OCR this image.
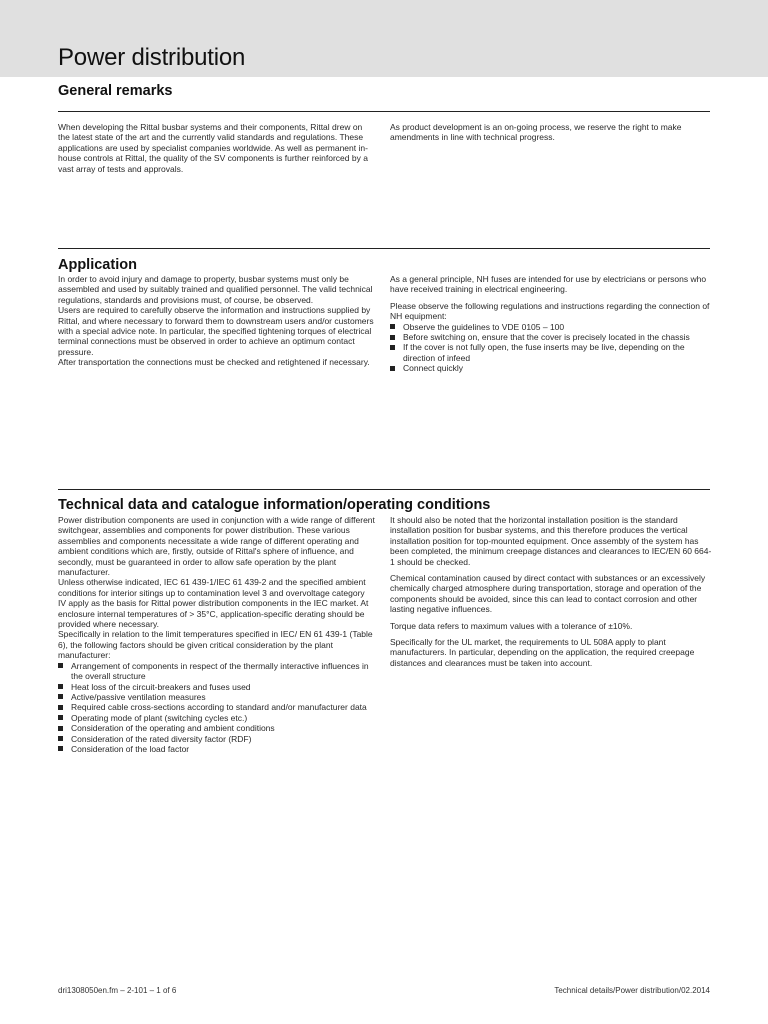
Power distribution
General remarks

When developing the Rittal busbar systems and their components, Rittal drew on the latest state of the art and the currently valid standards and regulations. These applications are used by specialist companies worldwide. As well as permanent in-house controls at Rittal, the quality of the SV components is further reinforced by a vast array of tests and approvals.

As product development is an on-going process, we reserve the right to make amendments in line with technical progress.

Application

In order to avoid injury and damage to property, busbar systems must only be assembled and used by suitably trained and qualified personnel. The valid technical regulations, standards and provisions must, of course, be observed.

Users are required to carefully observe the information and instructions supplied by Rittal, and where necessary to forward them to downstream users and/or customers with a special advice note. In particular, the specified tightening torques of electrical terminal connections must be observed in order to achieve an optimum contact pressure.

After transportation the connections must be checked and retightened if necessary.

As a general principle, NH fuses are intended for use by electricians or persons who have received training in electrical engineering.

Please observe the following regulations and instructions regarding the connection of NH equipment:

Observe the guidelines to VDE 0105 – 100
Before switching on, ensure that the cover is precisely located in the chassis
If the cover is not fully open, the fuse inserts may be live, depending on the direction of infeed
Connect quickly
Technical data and catalogue information/operating conditions

Power distribution components are used in conjunction with a wide range of different switchgear, assemblies and components for power distribution. These various assemblies and components necessitate a wide range of different operating and ambient conditions which are, firstly, outside of Rittal's sphere of influence, and secondly, must be guaranteed in order to allow safe operation by the plant manufacturer.

Unless otherwise indicated, IEC 61 439-1/IEC 61 439-2 and the specified ambient conditions for interior sitings up to contamination level 3 and overvoltage category IV apply as the basis for Rittal power distribution components in the IEC market. At enclosure internal temperatures of > 35°C, application-specific derating should be provided where necessary.

Specifically in relation to the limit temperatures specified in IEC/ EN 61 439-1 (Table 6), the following factors should be given critical consideration by the plant manufacturer:

Arrangement of components in respect of the thermally interactive influences in the overall structure
Heat loss of the circuit-breakers and fuses used
Active/passive ventilation measures
Required cable cross-sections according to standard and/or manufacturer data
Operating mode of plant (switching cycles etc.)
Consideration of the operating and ambient conditions
Consideration of the rated diversity factor (RDF)
Consideration of the load factor

It should also be noted that the horizontal installation position is the standard installation position for busbar systems, and this therefore produces the vertical installation position for top-mounted equipment. Once assembly of the system has been completed, the minimum creepage distances and clearances to IEC/EN 60 664-1 should be checked.

Chemical contamination caused by direct contact with substances or an excessively chemically charged atmosphere during transportation, storage and operation of the components should be avoided, since this can lead to contact corrosion and other lasting negative influences.

Torque data refers to maximum values with a tolerance of ±10%.

Specifically for the UL market, the requirements to UL 508A apply to plant manufacturers. In particular, depending on the application, the required creepage distances and clearances must be taken into account.

dri1308050en.fm – 2-101 – 1 of 6	Technical details/Power distribution/02.2014
